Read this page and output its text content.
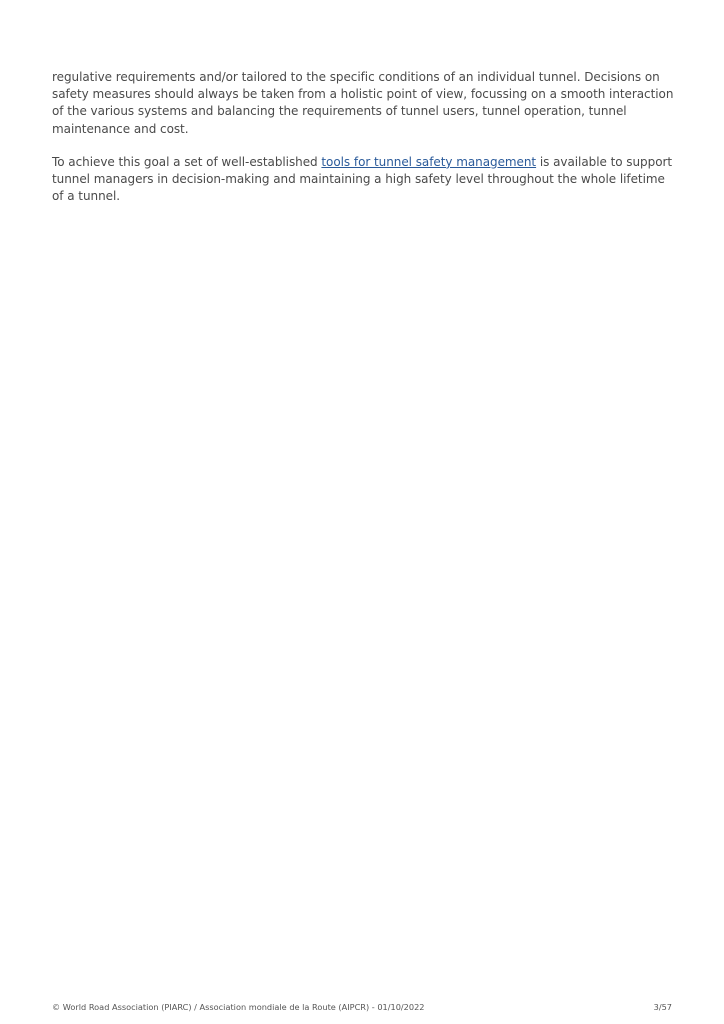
regulative requirements and/or tailored to the specific conditions of an individual tunnel. Decisions on safety measures should always be taken from a holistic point of view, focussing on a smooth interaction of the various systems and balancing the requirements of tunnel users, tunnel operation, tunnel maintenance and cost.

To achieve this goal a set of well-established tools for tunnel safety management is available to support tunnel managers in decision-making and maintaining a high safety level throughout the whole lifetime of a tunnel.

© World Road Association (PIARC) / Association mondiale de la Route (AIPCR) - 01/10/2022	3/57
